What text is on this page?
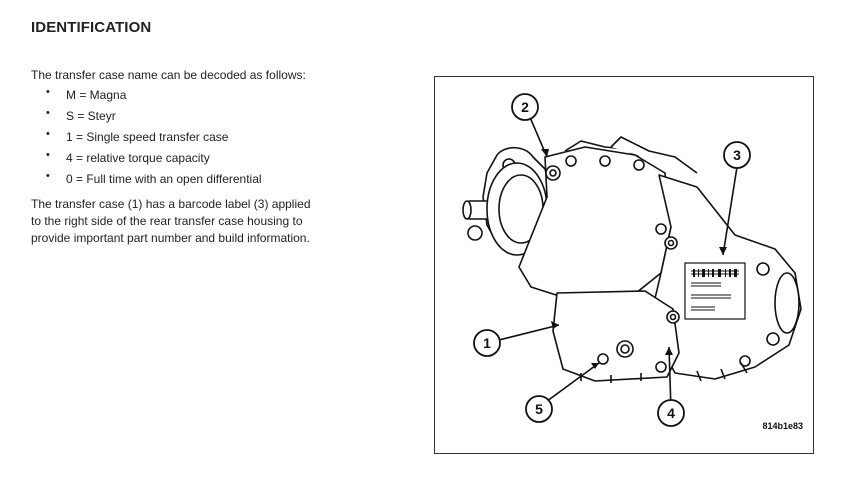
IDENTIFICATION

The transfer case name can be decoded as follows:

• M = Magna
• S = Steyr
• 1 = Single speed transfer case
• 4 = relative torque capacity
• 0 = Full time with an open differential

The transfer case (1) has a barcode label (3) applied to the right side of the rear transfer case housing to provide important part number and build information.

1
2
3
4
5
814b1e83
